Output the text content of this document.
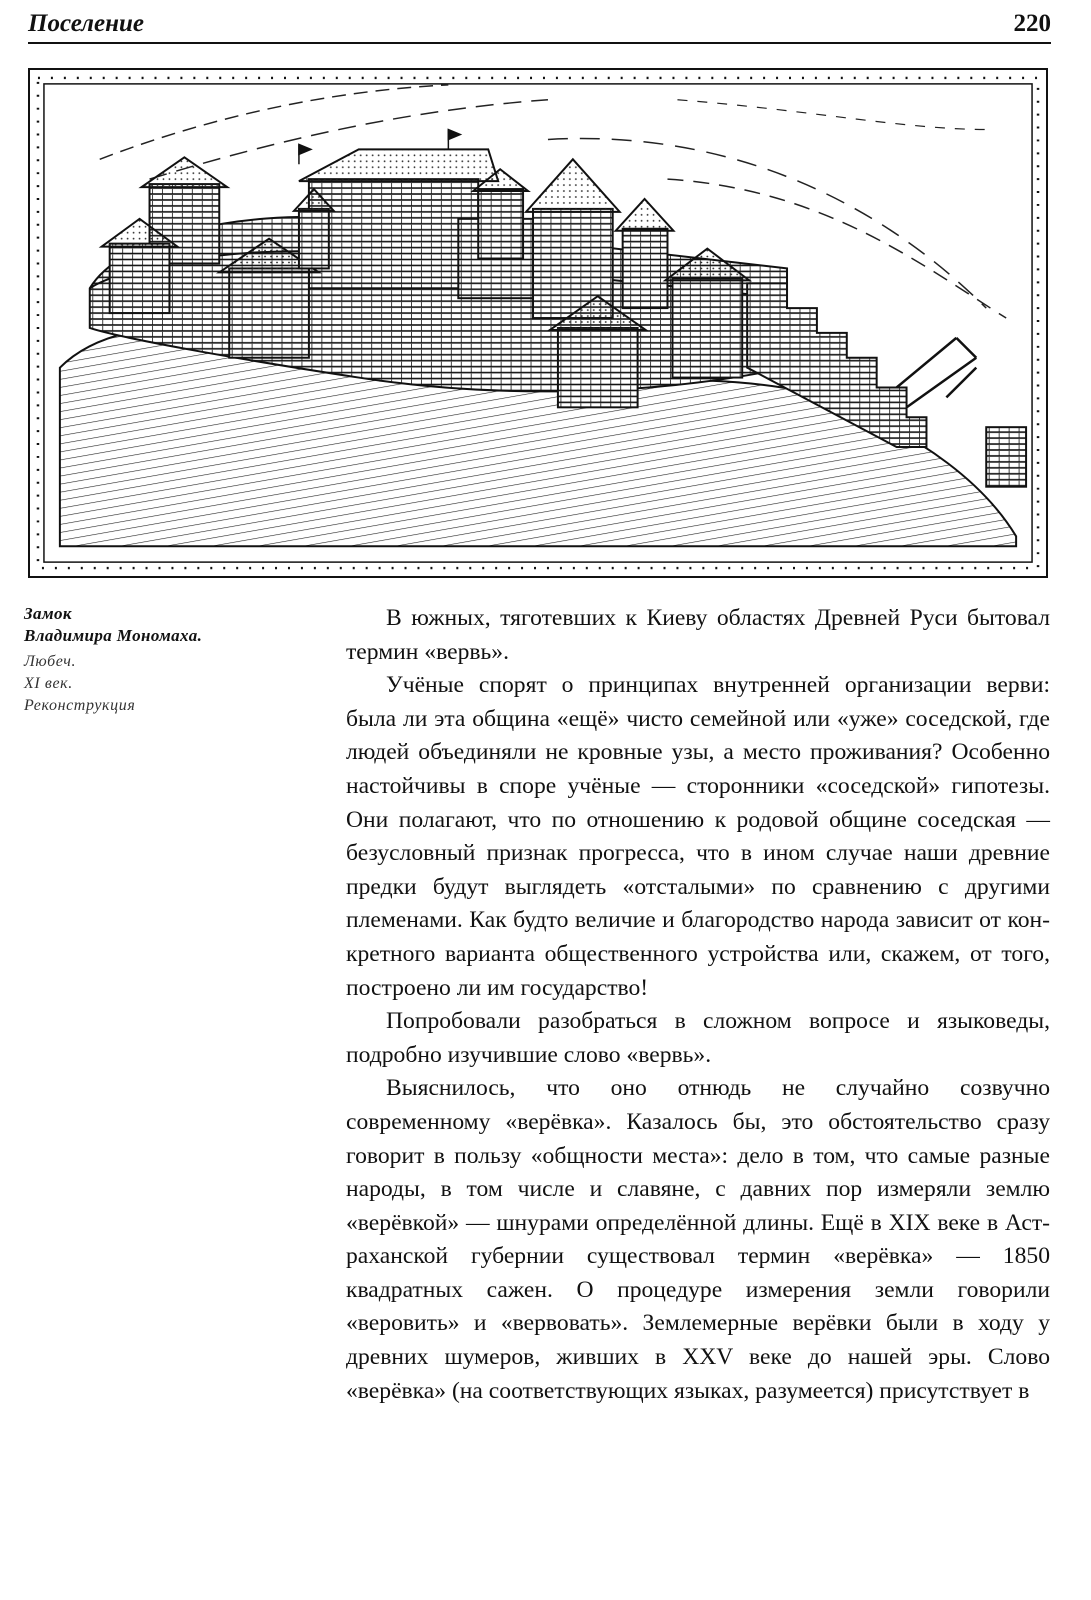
Поселение	220
Замок
Владимира Мономаха.
Любеч.
XI век.
Реконструкция

В южных, тяготевших к Киеву областях Древней Руси бытовал термин «вервь».

Учёные спорят о принципах внутренней организации верви: была ли эта община «ещё» чисто семейной или «уже» соседской, где людей объединяли не кровные узы, а место проживания? Особенно настойчивы в споре учёные — сторонники «соседской» гипотезы. Они полагают, что по отношению к родовой общине соседская — безусловный признак прогресса, что в ином случае наши древние предки будут выглядеть «отсталыми» по сравнению с другими племенами. Как будто величие и благородство народа зависит от конкретного варианта общественного устройства или, скажем, от того, построено ли им государство!

Попробовали разобраться в сложном вопросе и языковеды, подробно изучившие слово «вервь».

Выяснилось, что оно отнюдь не случайно созвучно современному «верёвка». Казалось бы, это обстоятельство сразу говорит в пользу «общности места»: дело в том, что самые разные народы, в том числе и славяне, с давних пор измеряли землю «верёвкой» — шнурами определённой длины. Ещё в XIX веке в Астраханской губернии существовал термин «верёвка» — 1850 квадратных сажен. О процедуре измерения земли говорили «веровить» и «вервовать». Землемерные верёвки были в ходу у древних шумеров, живших в XXV веке до нашей эры. Слово «верёвка» (на соответствующих языках, разумеется) присутствует в
